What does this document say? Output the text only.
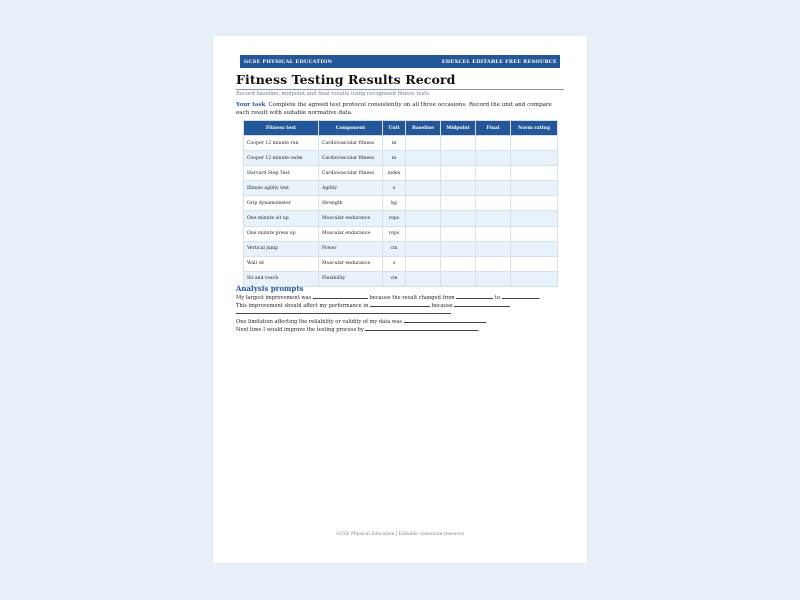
GCSE PHYSICAL EDUCATION	EDEXCEL EDITABLE FREE RESOURCE
Fitness Testing Results Record
Record baseline, midpoint and final results using recognised fitness tests
Your task Complete the agreed test protocol consistently on all three occasions. Record the unit and compare each result with suitable normative data.
Fitness test	Component	Unit	Baseline	Midpoint	Final	Norm rating
Cooper 12 minute run	Cardiovascular fitness	m				
Cooper 12 minute swim	Cardiovascular fitness	m				
Harvard Step Test	Cardiovascular fitness	index				
Illinois agility test	Agility	s				
Grip dynamometer	Strength	kg				
One minute sit up	Muscular endurance	reps				
One minute press up	Muscular endurance	reps				
Vertical jump	Power	cm				
Wall sit	Muscular endurance	s				
Sit and reach	Flexibility	cm				
Analysis prompts
My largest improvement was	because the result changed from	to	.
This improvement should affect my performance in	because
One limitation affecting the reliability or validity of my data was	.
Next time I would improve the testing process by	.
GCSE Physical Education | Editable classroom resource
